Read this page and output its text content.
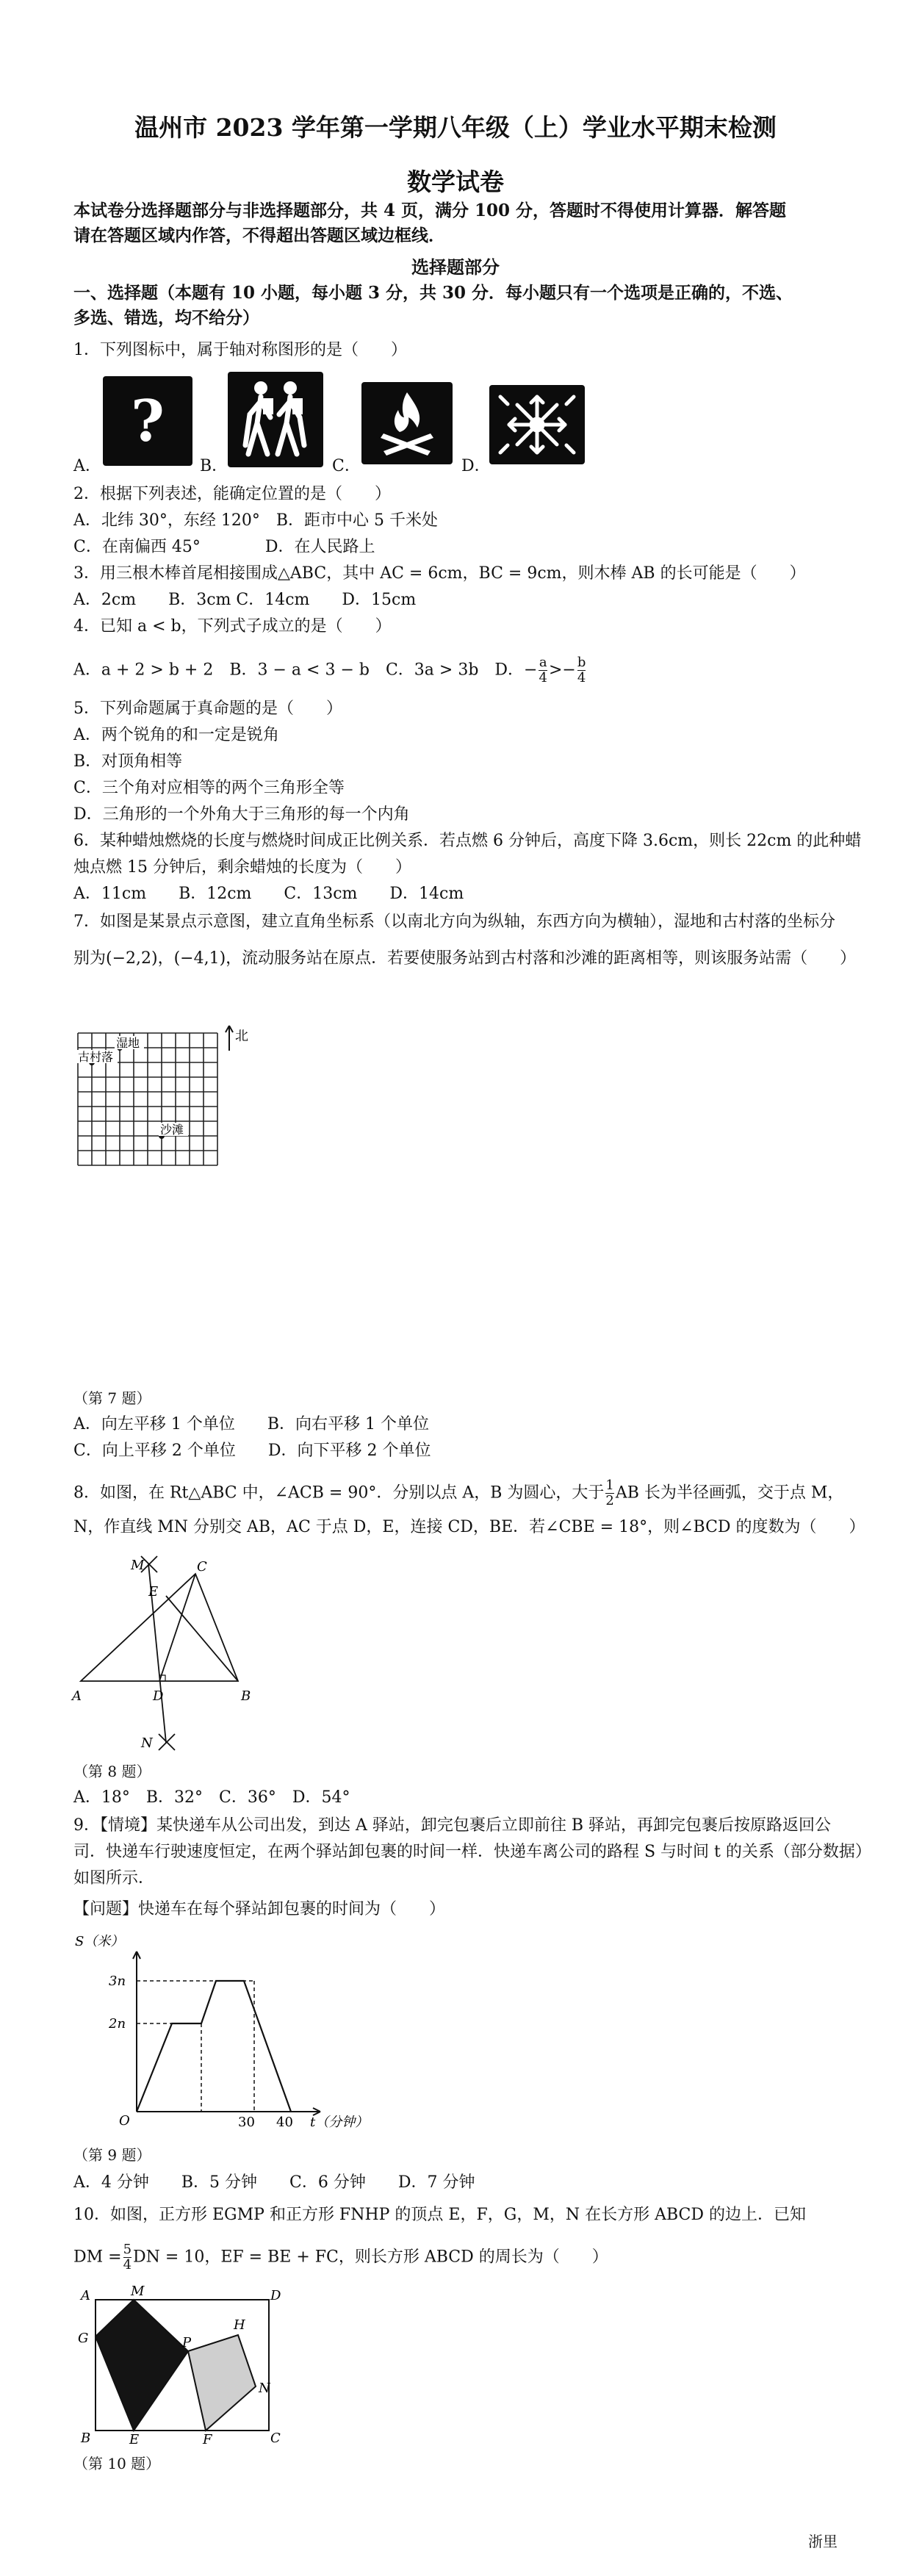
温州市 2023 学年第一学期八年级（上）学业水平期末检测
数学试卷
本试卷分选择题部分与非选择题部分，共 4 页，满分 100 分，答题时不得使用计算器．解答题
请在答题区域内作答，不得超出答题区域边框线．
选择题部分
一、选择题（本题有 10 小题，每小题 3 分，共 30 分．每小题只有一个选项是正确的，不选、
多选、错选，均不给分）
1．下列图标中，属于轴对称图形的是（　　）
?
A．	B．	C．	D．
2．根据下列表述，能确定位置的是（　　）
A．北纬 30°，东经 120°　B．距市中心 5 千米处
C．在南偏西 45°　　　　D．在人民路上
3．用三根木棒首尾相接围成△ABC，其中 AC = 6cm，BC = 9cm，则木棒 AB 的长可能是（　　）
A．2cm　　B．3cm C．14cm　　D．15cm
4．已知 a < b，下列式子成立的是（　　）
A．a + 2 > b + 2　B．3 − a < 3 − b　C．3a > 3b　D．− $\frac{a}{4} >- \frac{b}{4}$
5．下列命题属于真命题的是（　　）
A．两个锐角的和一定是锐角
B．对顶角相等
C．三个角对应相等的两个三角形全等
D．三角形的一个外角大于三角形的每一个内角
6．某种蜡烛燃烧的长度与燃烧时间成正比例关系．若点燃 6 分钟后，高度下降 3.6cm，则长 22cm 的此种蜡
烛点燃 15 分钟后，剩余蜡烛的长度为（　　）
A．11cm　　B．12cm　　C．13cm　　D．14cm
7．如图是某景点示意图，建立直角坐标系（以南北方向为纵轴，东西方向为横轴），湿地和古村落的坐标分
别为(−2,2)，(−4,1)，流动服务站在原点．若要使服务站到古村落和沙滩的距离相等，则该服务站需（　　）
北
湿地
古村落
沙滩
（第 7 题）
A．向左平移 1 个单位　　B．向右平移 1 个单位
C．向上平移 2 个单位　　D．向下平移 2 个单位
8．如图，在 Rt△ABC 中，∠ACB = 90°．分别以点 A，B 为圆心，大于 $\frac{1}{2}$ AB 长为半径画弧，交于点 M，
N，作直线 MN 分别交 AB，AC 于点 D，E，连接 CD，BE．若∠CBE = 18°，则∠BCD 的度数为（　　）
M	C
E
A	D	B
N
（第 8 题）
A．18°　B．32°　C．36°　D．54°
9．【情境】某快递车从公司出发，到达 A 驿站，卸完包裹后立即前往 B 驿站，再卸完包裹后按原路返回公
司．快递车行驶速度恒定，在两个驿站卸包裹的时间一样．快递车离公司的路程 S 与时间 t 的关系（部分数据）
如图所示．
【问题】快递车在每个驿站卸包裹的时间为（　　）
S（米）
3n
2n
O	30 40 t（分钟）
（第 9 题）
A．4 分钟　　B．5 分钟　　C．6 分钟　　D．7 分钟
10．如图，正方形 EGMP 和正方形 FNHP 的顶点 E，F，G，M，N 在长方形 ABCD 的边上．已知
DM = $\frac{5}{4}$ DN = 10，EF = BE + FC，则长方形 ABCD 的周长为（　　）
A	M	D
G
H
P
N
B	E	F	C
（第 10 题）
浙里
